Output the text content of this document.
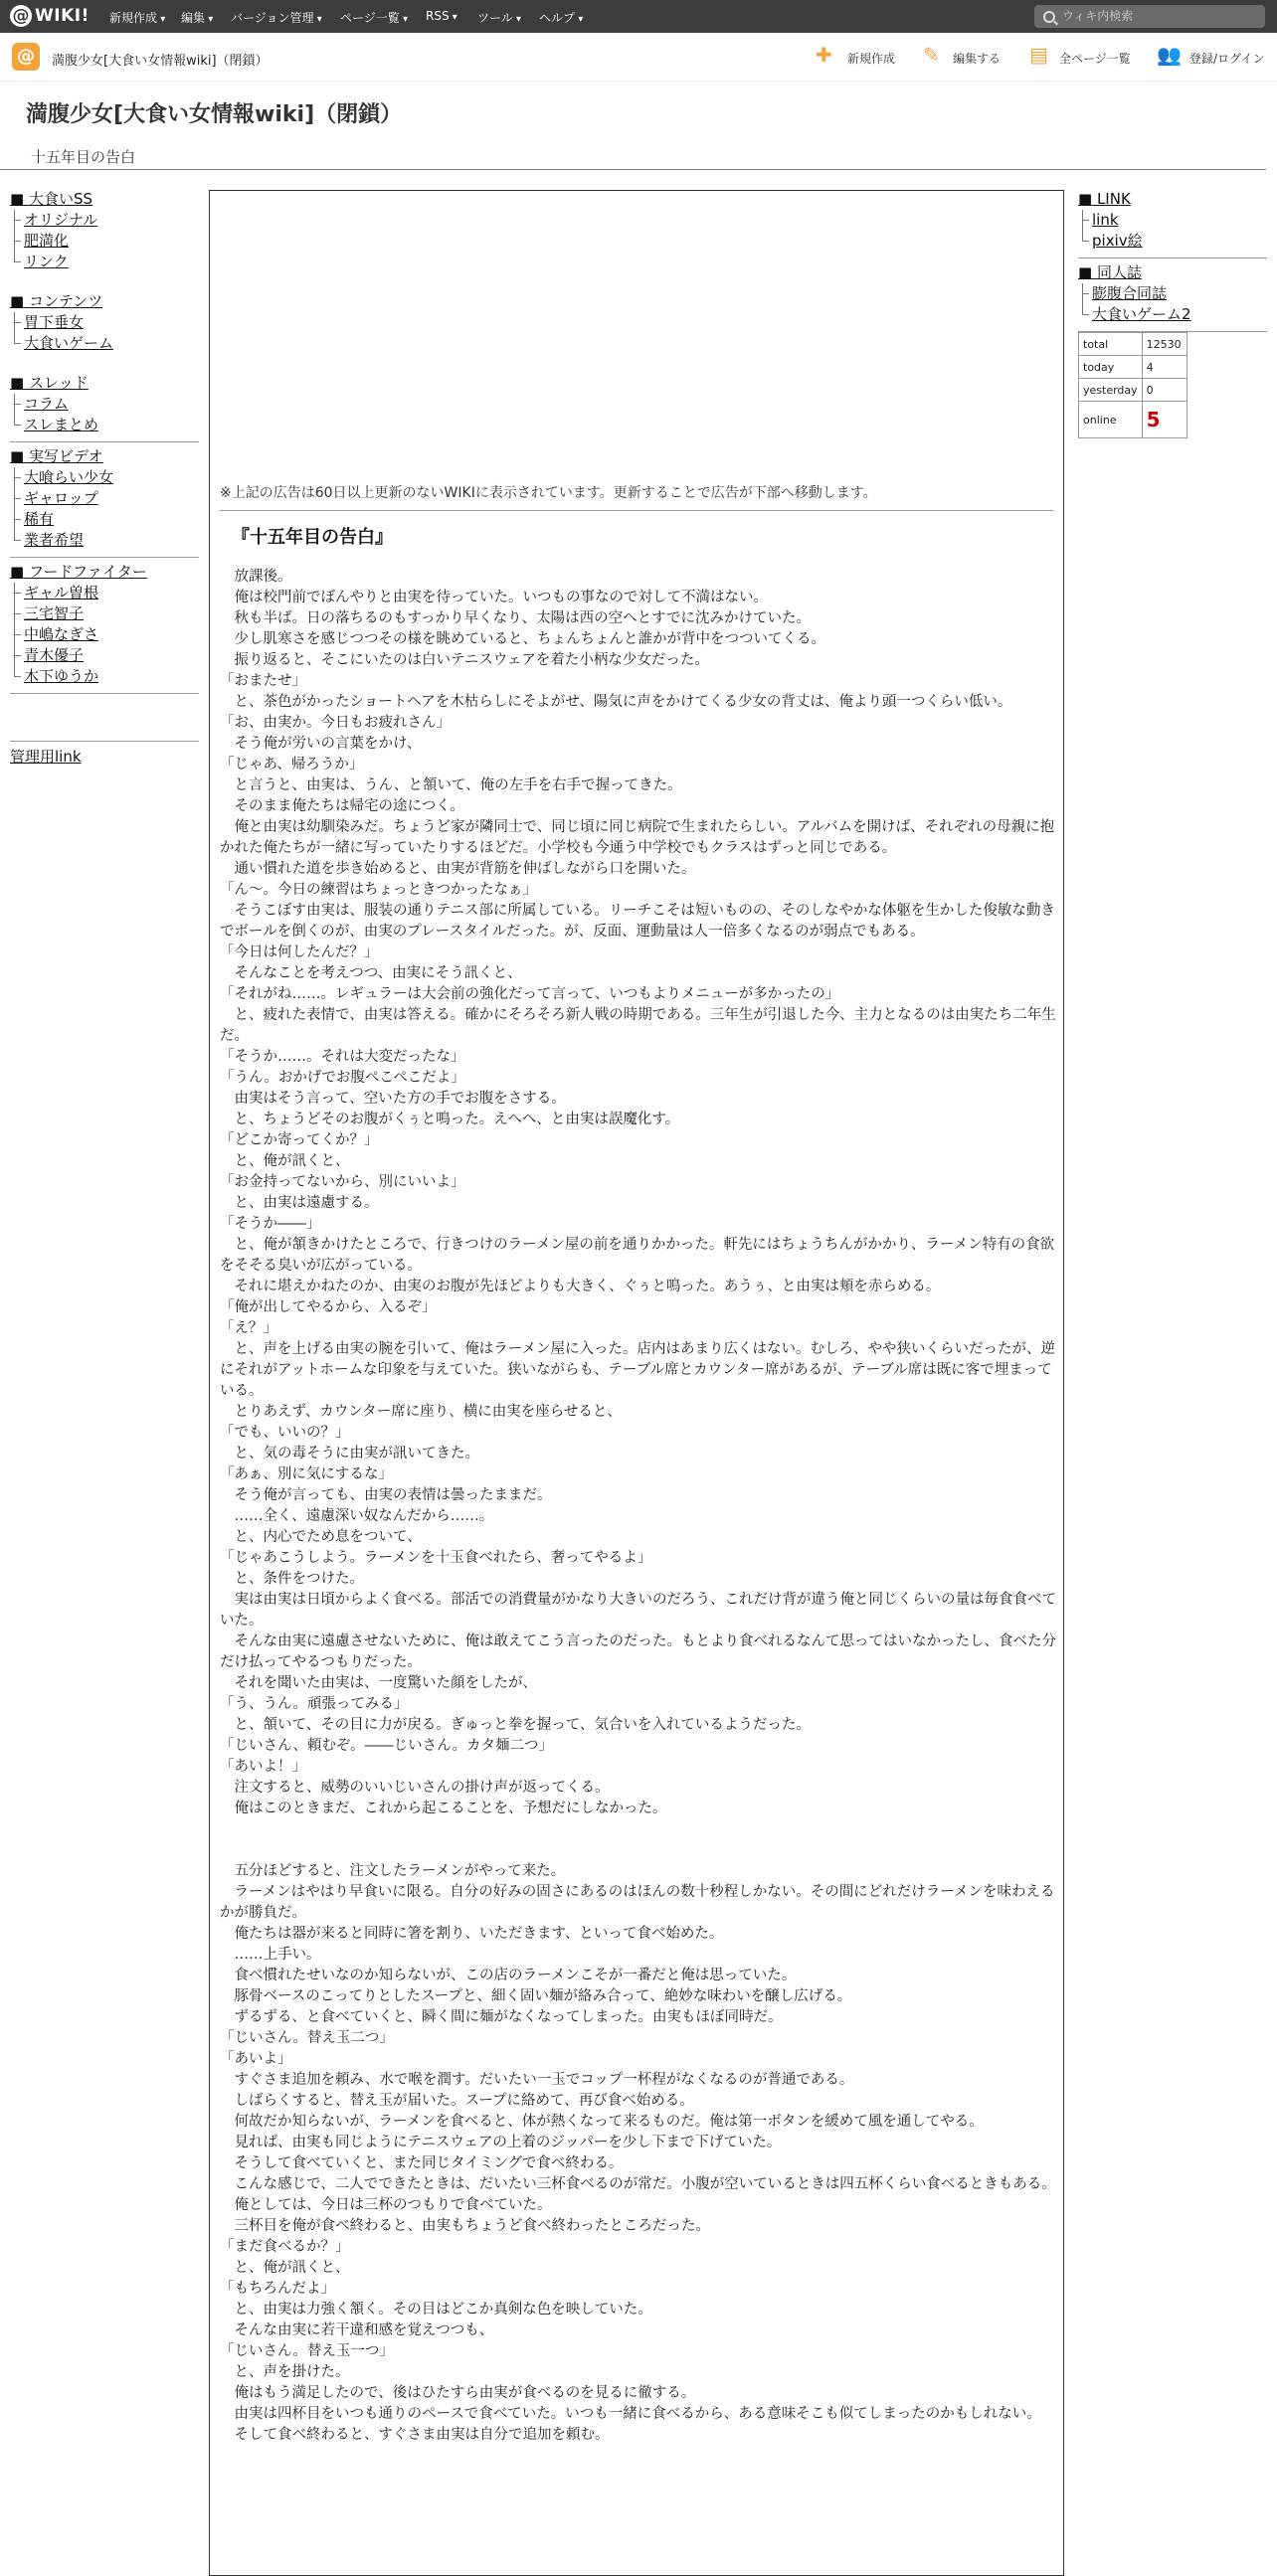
@ WIKI! 新規作成 ▾	編集 ▾	バージョン管理 ▾	ページ一覧 ▾	RSS ▾	ツール ▾	ヘルプ ▾	ウィキ内検索
@	満腹少女[大食い女情報wiki]（閉鎖）	✚ 新規作成 ✎ 編集する ▤ 全ページ一覧 👥 登録/ログイン
満腹少女[大食い女情報wiki]（閉鎖）
十五年目の告白
■ 大食いSS
オリジナル
肥満化
リンク
■ コンテンツ
胃下垂女
大食いゲーム
■ スレッド
コラム
スレまとめ
■ 実写ビデオ
大喰らい少女
ギャロップ
稀有
業者希望
■ フードファイター
ギャル曽根
三宅智子
中嶋なぎさ
青木優子
木下ゆうか
管理用link
※上記の広告は60日以上更新のないWIKIに表示されています。更新することで広告が下部へ移動します。
『十五年目の告白』

　放課後。

　俺は校門前でぼんやりと由実を待っていた。いつもの事なので対して不満はない。

　秋も半ば。日の落ちるのもすっかり早くなり、太陽は西の空へとすでに沈みかけていた。

　少し肌寒さを感じつつその様を眺めていると、ちょんちょんと誰かが背中をつついてくる。

　振り返ると、そこにいたのは白いテニスウェアを着た小柄な少女だった。

「おまたせ」

　と、茶色がかったショートヘアを木枯らしにそよがせ、陽気に声をかけてくる少女の背丈は、俺より頭一つくらい低い。

「お、由実か。今日もお疲れさん」

　そう俺が労いの言葉をかけ、

「じゃあ、帰ろうか」

　と言うと、由実は、うん、と頷いて、俺の左手を右手で握ってきた。

　そのまま俺たちは帰宅の途につく。

　俺と由実は幼馴染みだ。ちょうど家が隣同士で、同じ頃に同じ病院で生まれたらしい。アルバムを開けば、それぞれの母親に抱かれた俺たちが一緒に写っていたりするほどだ。小学校も今通う中学校でもクラスはずっと同じである。

　通い慣れた道を歩き始めると、由実が背筋を伸ばしながら口を開いた。

「ん〜。今日の練習はちょっときつかったなぁ」

　そうこぼす由実は、服装の通りテニス部に所属している。リーチこそは短いものの、そのしなやかな体躯を生かした俊敏な動きでボールを倒くのが、由実のプレースタイルだった。が、反面、運動量は人一倍多くなるのが弱点でもある。

「今日は何したんだ？」

　そんなことを考えつつ、由実にそう訊くと、

「それがね……。レギュラーは大会前の強化だって言って、いつもよりメニューが多かったの」

　と、疲れた表情で、由実は答える。確かにそろそろ新人戦の時期である。三年生が引退した今、主力となるのは由実たち二年生だ。

「そうか……。それは大変だったな」

「うん。おかげでお腹ぺこぺこだよ」

　由実はそう言って、空いた方の手でお腹をさする。

　と、ちょうどそのお腹がくぅと鳴った。えへへ、と由実は誤魔化す。

「どこか寄ってくか？」

　と、俺が訊くと、

「お金持ってないから、別にいいよ」

　と、由実は遠慮する。

「そうか――」

　と、俺が頷きかけたところで、行きつけのラーメン屋の前を通りかかった。軒先にはちょうちんがかかり、ラーメン特有の食欲をそそる臭いが広がっている。

　それに堪えかねたのか、由実のお腹が先ほどよりも大きく、ぐぅと鳴った。あうぅ、と由実は頬を赤らめる。

「俺が出してやるから、入るぞ」

「え？」

　と、声を上げる由実の腕を引いて、俺はラーメン屋に入った。店内はあまり広くはない。むしろ、やや狭いくらいだったが、逆にそれがアットホームな印象を与えていた。狭いながらも、テーブル席とカウンター席があるが、テーブル席は既に客で埋まっている。

　とりあえず、カウンター席に座り、横に由実を座らせると、

「でも、いいの？」

　と、気の毒そうに由実が訊いてきた。

「あぁ、別に気にするな」

　そう俺が言っても、由実の表情は曇ったままだ。

　……全く、遠慮深い奴なんだから……。

　と、内心でため息をついて、

「じゃあこうしよう。ラーメンを十玉食べれたら、奢ってやるよ」

　と、条件をつけた。

　実は由実は日頃からよく食べる。部活での消費量がかなり大きいのだろう、これだけ背が違う俺と同じくらいの量は毎食食べていた。

　そんな由実に遠慮させないために、俺は敢えてこう言ったのだった。もとより食べれるなんて思ってはいなかったし、食べた分だけ払ってやるつもりだった。

　それを聞いた由実は、一度驚いた顔をしたが、

「う、うん。頑張ってみる」

　と、頷いて、その目に力が戻る。ぎゅっと拳を握って、気合いを入れているようだった。

「じいさん、頼むぞ。――じいさん。カタ麺二つ」

「あいよ！」

　注文すると、威勢のいいじいさんの掛け声が返ってくる。

　俺はこのときまだ、これから起こることを、予想だにしなかった。

　五分ほどすると、注文したラーメンがやって来た。

　ラーメンはやはり早食いに限る。自分の好みの固さにあるのはほんの数十秒程しかない。その間にどれだけラーメンを味わえるかが勝負だ。

　俺たちは器が来ると同時に箸を割り、いただきます、といって食べ始めた。

　……上手い。

　食べ慣れたせいなのか知らないが、この店のラーメンこそが一番だと俺は思っていた。

　豚骨ベースのこってりとしたスープと、細く固い麺が絡み合って、絶妙な味わいを醸し広げる。

　ずるずる、と食べていくと、瞬く間に麺がなくなってしまった。由実もほぼ同時だ。

「じいさん。替え玉二つ」

「あいよ」

　すぐさま追加を頼み、水で喉を潤す。だいたい一玉でコップ一杯程がなくなるのが普通である。

　しばらくすると、替え玉が届いた。スープに絡めて、再び食べ始める。

　何故だか知らないが、ラーメンを食べると、体が熱くなって来るものだ。俺は第一ボタンを緩めて風を通してやる。

　見れば、由実も同じようにテニスウェアの上着のジッパーを少し下まで下げていた。

　そうして食べていくと、また同じタイミングで食べ終わる。

　こんな感じで、二人でできたときは、だいたい三杯食べるのが常だ。小腹が空いているときは四五杯くらい食べるときもある。

　俺としては、今日は三杯のつもりで食べていた。

　三杯目を俺が食べ終わると、由実もちょうど食べ終わったところだった。

「まだ食べるか？」

　と、俺が訊くと、

「もちろんだよ」

　と、由実は力強く頷く。その目はどこか真剣な色を映していた。

　そんな由実に若干違和感を覚えつつも、

「じいさん。替え玉一つ」

　と、声を掛けた。

　俺はもう満足したので、後はひたすら由実が食べるのを見るに徹する。

　由実は四杯目をいつも通りのペースで食べていた。いつも一緒に食べるから、ある意味そこも似てしまったのかもしれない。

　そして食べ終わると、すぐさま由実は自分で追加を頼む。

■ LINK
link
pixiv絵
■ 同人誌
膨腹合同誌
大食いゲーム2
total	12530
today	4
yesterday	0
online	5
